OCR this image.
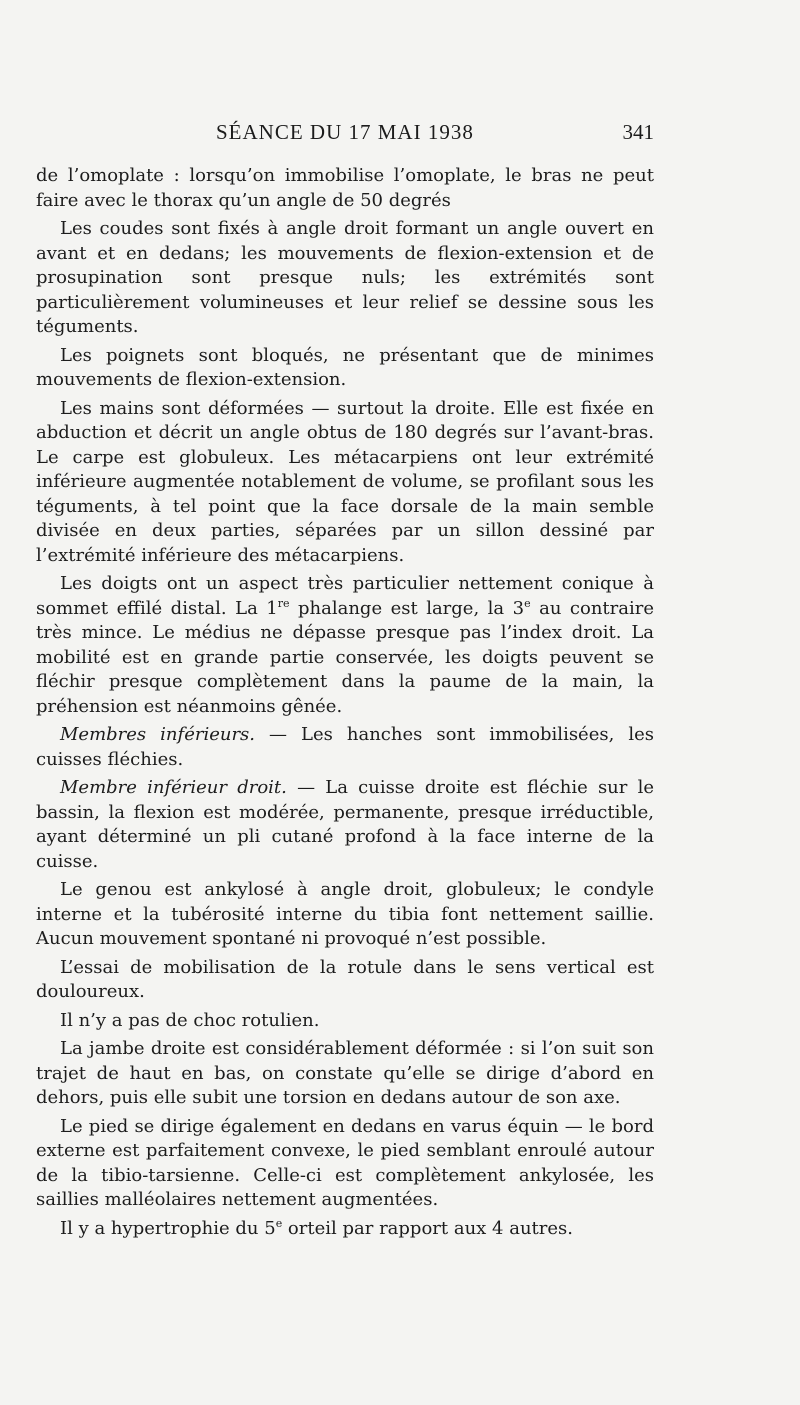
SÉANCE DU 17 MAI 1938	341

de l’omoplate : lorsqu’on immobilise l’omoplate, le bras ne peut faire avec le thorax qu’un angle de 50 degrés

Les coudes sont fixés à angle droit formant un angle ouvert en avant et en dedans; les mouvements de flexion-extension et de prosupination sont presque nuls; les extrémités sont particulièrement volumineuses et leur relief se dessine sous les téguments.

Les poignets sont bloqués, ne présentant que de minimes mouvements de flexion-extension.

Les mains sont déformées — surtout la droite. Elle est fixée en abduction et décrit un angle obtus de 180 degrés sur l’avant-bras. Le carpe est globuleux. Les métacarpiens ont leur extrémité inférieure augmentée notablement de volume, se profilant sous les téguments, à tel point que la face dorsale de la main semble divisée en deux parties, séparées par un sillon dessiné par l’extrémité inférieure des métacarpiens.

Les doigts ont un aspect très particulier nettement conique à sommet effilé distal. La 1re phalange est large, la 3e au contraire très mince. Le médius ne dépasse presque pas l’index droit. La mobilité est en grande partie conservée, les doigts peuvent se fléchir presque complètement dans la paume de la main, la préhension est néanmoins gênée.

Membres inférieurs. — Les hanches sont immobilisées, les cuisses fléchies.

Membre inférieur droit. — La cuisse droite est fléchie sur le bassin, la flexion est modérée, permanente, presque irréductible, ayant déterminé un pli cutané profond à la face interne de la cuisse.

Le genou est ankylosé à angle droit, globuleux; le condyle interne et la tubérosité interne du tibia font nettement saillie. Aucun mouvement spontané ni provoqué n’est possible.

L’essai de mobilisation de la rotule dans le sens vertical est douloureux.

Il n’y a pas de choc rotulien.

La jambe droite est considérablement déformée : si l’on suit son trajet de haut en bas, on constate qu’elle se dirige d’abord en dehors, puis elle subit une torsion en dedans autour de son axe.

Le pied se dirige également en dedans en varus équin — le bord externe est parfaitement convexe, le pied semblant enroulé autour de la tibio-tarsienne. Celle-ci est complètement ankylosée, les saillies malléolaires nettement augmentées.

Il y a hypertrophie du 5e orteil par rapport aux 4 autres.
